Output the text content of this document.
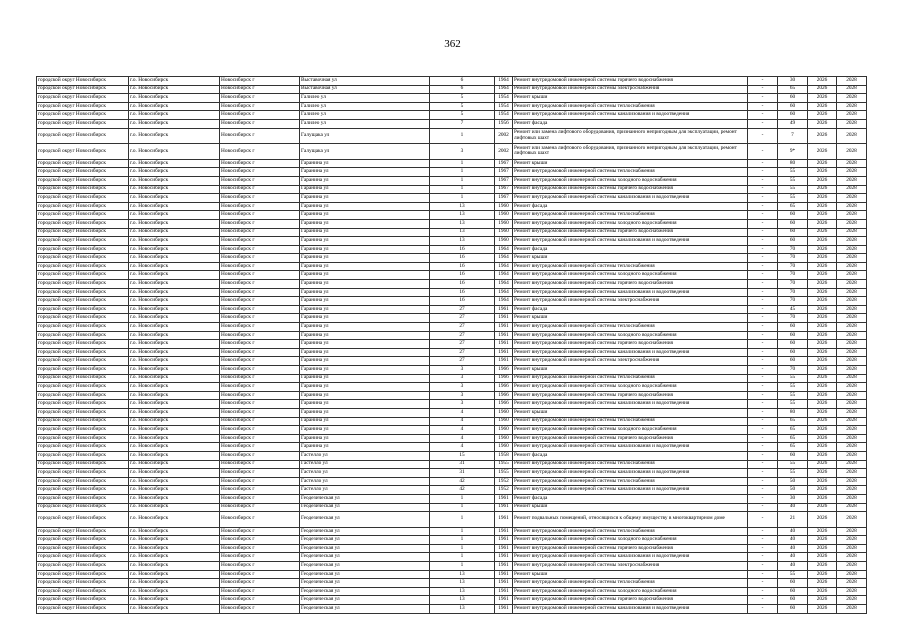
362
городской округ Новосибирск	г.о. Новосибирск	Новосибирск г	Выставочная ул	6	1964	Ремонт внутридомовой инженерной системы горячего водоснабжения	-	30	2026	2028
городской округ Новосибирск	г.о. Новосибирск	Новосибирск г	Выставочная ул	6	1964	Ремонт внутридомовой инженерной системы электроснабжения	-	65	2026	2028
городской округ Новосибирск	г.о. Новосибирск	Новосибирск г	Галилео ул	5	1954	Ремонт крыши	-	60	2026	2028
городской округ Новосибирск	г.о. Новосибирск	Новосибирск г	Галилео ул	5	1954	Ремонт внутридомовой инженерной системы теплоснабжения	-	60	2026	2028
городской округ Новосибирск	г.о. Новосибирск	Новосибирск г	Галилео ул	5	1954	Ремонт внутридомовой инженерной системы канализования и водоотведения	-	60	2026	2028
городской округ Новосибирск	г.о. Новосибирск	Новосибирск г	Галилео ул	7	1956	Ремонт фасада	-	49	2026	2028
городской округ Новосибирск	г.о. Новосибирск	Новосибирск г	Галущака ул	1	2002	Ремонт или замена лифтового оборудования, признанного непригодным для эксплуатации, ремонт лифтовых шахт	-	7	2026	2028
городской округ Новосибирск	г.о. Новосибирск	Новосибирск г	Галущака ул	3	2002	Ремонт или замена лифтового оборудования, признанного непригодным для эксплуатации, ремонт лифтовых шахт	-	9*	2026	2028
городской округ Новосибирск	г.о. Новосибирск	Новосибирск г	Гаранина ул	1	1967	Ремонт крыши	-	80	2026	2028
городской округ Новосибирск	г.о. Новосибирск	Новосибирск г	Гаранина ул	1	1967	Ремонт внутридомовой инженерной системы теплоснабжения	-	55	2026	2028
городской округ Новосибирск	г.о. Новосибирск	Новосибирск г	Гаранина ул	1	1967	Ремонт внутридомовой инженерной системы холодного водоснабжения	-	55	2026	2028
городской округ Новосибирск	г.о. Новосибирск	Новосибирск г	Гаранина ул	1	1967	Ремонт внутридомовой инженерной системы горячего водоснабжения	-	55	2026	2028
городской округ Новосибирск	г.о. Новосибирск	Новосибирск г	Гаранина ул	1	1967	Ремонт внутридомовой инженерной системы канализования и водоотведения	-	55	2026	2028
городской округ Новосибирск	г.о. Новосибирск	Новосибирск г	Гаранина ул	13	1960	Ремонт фасада	-	65	2026	2028
городской округ Новосибирск	г.о. Новосибирск	Новосибирск г	Гаранина ул	13	1960	Ремонт внутридомовой инженерной системы теплоснабжения	-	60	2026	2028
городской округ Новосибирск	г.о. Новосибирск	Новосибирск г	Гаранина ул	13	1960	Ремонт внутридомовой инженерной системы холодного водоснабжения	-	60	2026	2028
городской округ Новосибирск	г.о. Новосибирск	Новосибирск г	Гаранина ул	13	1960	Ремонт внутридомовой инженерной системы горячего водоснабжения	-	60	2026	2028
городской округ Новосибирск	г.о. Новосибирск	Новосибирск г	Гаранина ул	13	1960	Ремонт внутридомовой инженерной системы канализования и водоотведения	-	60	2026	2028
городской округ Новосибирск	г.о. Новосибирск	Новосибирск г	Гаранина ул	16	1964	Ремонт фасада	-	70	2026	2028
городской округ Новосибирск	г.о. Новосибирск	Новосибирск г	Гаранина ул	16	1964	Ремонт крыши	-	70	2026	2028
городской округ Новосибирск	г.о. Новосибирск	Новосибирск г	Гаранина ул	16	1964	Ремонт внутридомовой инженерной системы теплоснабжения	-	70	2026	2028
городской округ Новосибирск	г.о. Новосибирск	Новосибирск г	Гаранина ул	16	1964	Ремонт внутридомовой инженерной системы холодного водоснабжения	-	70	2026	2028
городской округ Новосибирск	г.о. Новосибирск	Новосибирск г	Гаранина ул	16	1964	Ремонт внутридомовой инженерной системы горячего водоснабжения	-	70	2026	2028
городской округ Новосибирск	г.о. Новосибирск	Новосибирск г	Гаранина ул	16	1964	Ремонт внутридомовой инженерной системы канализования и водоотведения	-	70	2026	2028
городской округ Новосибирск	г.о. Новосибирск	Новосибирск г	Гаранина ул	16	1964	Ремонт внутридомовой инженерной системы электроснабжения	-	70	2026	2028
городской округ Новосибирск	г.о. Новосибирск	Новосибирск г	Гаранина ул	27	1961	Ремонт фасада	-	45	2026	2028
городской округ Новосибирск	г.о. Новосибирск	Новосибирск г	Гаранина ул	27	1961	Ремонт крыши	-	70	2026	2028
городской округ Новосибирск	г.о. Новосибирск	Новосибирск г	Гаранина ул	27	1961	Ремонт внутридомовой инженерной системы теплоснабжения	-	60	2026	2028
городской округ Новосибирск	г.о. Новосибирск	Новосибирск г	Гаранина ул	27	1961	Ремонт внутридомовой инженерной системы холодного водоснабжения	-	60	2026	2028
городской округ Новосибирск	г.о. Новосибирск	Новосибирск г	Гаранина ул	27	1961	Ремонт внутридомовой инженерной системы горячего водоснабжения	-	60	2026	2028
городской округ Новосибирск	г.о. Новосибирск	Новосибирск г	Гаранина ул	27	1961	Ремонт внутридомовой инженерной системы канализования и водоотведения	-	60	2026	2028
городской округ Новосибирск	г.о. Новосибирск	Новосибирск г	Гаранина ул	27	1961	Ремонт внутридомовой инженерной системы электроснабжения	-	60	2026	2028
городской округ Новосибирск	г.о. Новосибирск	Новосибирск г	Гаранина ул	3	1966	Ремонт крыши	-	70	2026	2028
городской округ Новосибирск	г.о. Новосибирск	Новосибирск г	Гаранина ул	3	1966	Ремонт внутридомовой инженерной системы теплоснабжения	-	55	2026	2028
городской округ Новосибирск	г.о. Новосибирск	Новосибирск г	Гаранина ул	3	1966	Ремонт внутридомовой инженерной системы холодного водоснабжения	-	55	2026	2028
городской округ Новосибирск	г.о. Новосибирск	Новосибирск г	Гаранина ул	3	1966	Ремонт внутридомовой инженерной системы горячего водоснабжения	-	55	2026	2028
городской округ Новосибирск	г.о. Новосибирск	Новосибирск г	Гаранина ул	3	1966	Ремонт внутридомовой инженерной системы канализования и водоотведения	-	55	2026	2028
городской округ Новосибирск	г.о. Новосибирск	Новосибирск г	Гаранина ул	4	1960	Ремонт крыши	-	80	2026	2028
городской округ Новосибирск	г.о. Новосибирск	Новосибирск г	Гаранина ул	4	1960	Ремонт внутридомовой инженерной системы теплоснабжения	-	65	2026	2028
городской округ Новосибирск	г.о. Новосибирск	Новосибирск г	Гаранина ул	4	1960	Ремонт внутридомовой инженерной системы холодного водоснабжения	-	65	2026	2028
городской округ Новосибирск	г.о. Новосибирск	Новосибирск г	Гаранина ул	4	1960	Ремонт внутридомовой инженерной системы горячего водоснабжения	-	65	2026	2028
городской округ Новосибирск	г.о. Новосибирск	Новосибирск г	Гаранина ул	4	1960	Ремонт внутридомовой инженерной системы канализования и водоотведения	-	65	2026	2028
городской округ Новосибирск	г.о. Новосибирск	Новосибирск г	Гастелло ул	15	1958	Ремонт фасада	-	60	2026	2028
городской округ Новосибирск	г.о. Новосибирск	Новосибирск г	Гастелло ул	31	1955	Ремонт внутридомовой инженерной системы теплоснабжения	-	55	2026	2028
городской округ Новосибирск	г.о. Новосибирск	Новосибирск г	Гастелло ул	31	1955	Ремонт внутридомовой инженерной системы канализования и водоотведения	-	55	2026	2028
городской округ Новосибирск	г.о. Новосибирск	Новосибирск г	Гастелло ул	42	1952	Ремонт внутридомовой инженерной системы теплоснабжения	-	50	2026	2028
городской округ Новосибирск	г.о. Новосибирск	Новосибирск г	Гастелло ул	42	1952	Ремонт внутридомовой инженерной системы канализования и водоотведения	-	50	2026	2028
городской округ Новосибирск	г.о. Новосибирск	Новосибирск г	Геодезическая ул	1	1961	Ремонт фасада	-	30	2026	2028
городской округ Новосибирск	г.о. Новосибирск	Новосибирск г	Геодезическая ул	1	1961	Ремонт крыши	-	40	2026	2028
городской округ Новосибирск	г.о. Новосибирск	Новосибирск г	Геодезическая ул	1	1961	Ремонт подвальных помещений, относящихся к общему имуществу в многоквартирном доме	-	21	2026	2028
городской округ Новосибирск	г.о. Новосибирск	Новосибирск г	Геодезическая ул	1	1961	Ремонт внутридомовой инженерной системы теплоснабжения	-	40	2026	2028
городской округ Новосибирск	г.о. Новосибирск	Новосибирск г	Геодезическая ул	1	1961	Ремонт внутридомовой инженерной системы холодного водоснабжения	-	40	2026	2028
городской округ Новосибирск	г.о. Новосибирск	Новосибирск г	Геодезическая ул	1	1961	Ремонт внутридомовой инженерной системы горячего водоснабжения	-	40	2026	2028
городской округ Новосибирск	г.о. Новосибирск	Новосибирск г	Геодезическая ул	1	1961	Ремонт внутридомовой инженерной системы канализования и водоотведения	-	40	2026	2028
городской округ Новосибирск	г.о. Новосибирск	Новосибирск г	Геодезическая ул	1	1961	Ремонт внутридомовой инженерной системы электроснабжения	-	40	2026	2028
городской округ Новосибирск	г.о. Новосибирск	Новосибирск г	Геодезическая ул	13	1961	Ремонт крыши	-	55	2026	2028
городской округ Новосибирск	г.о. Новосибирск	Новосибирск г	Геодезическая ул	13	1961	Ремонт внутридомовой инженерной системы теплоснабжения	-	60	2026	2028
городской округ Новосибирск	г.о. Новосибирск	Новосибирск г	Геодезическая ул	13	1961	Ремонт внутридомовой инженерной системы холодного водоснабжения	-	60	2026	2028
городской округ Новосибирск	г.о. Новосибирск	Новосибирск г	Геодезическая ул	13	1961	Ремонт внутридомовой инженерной системы горячего водоснабжения	-	60	2026	2028
городской округ Новосибирск	г.о. Новосибирск	Новосибирск г	Геодезическая ул	13	1961	Ремонт внутридомовой инженерной системы канализования и водоотведения	-	60	2026	2028
